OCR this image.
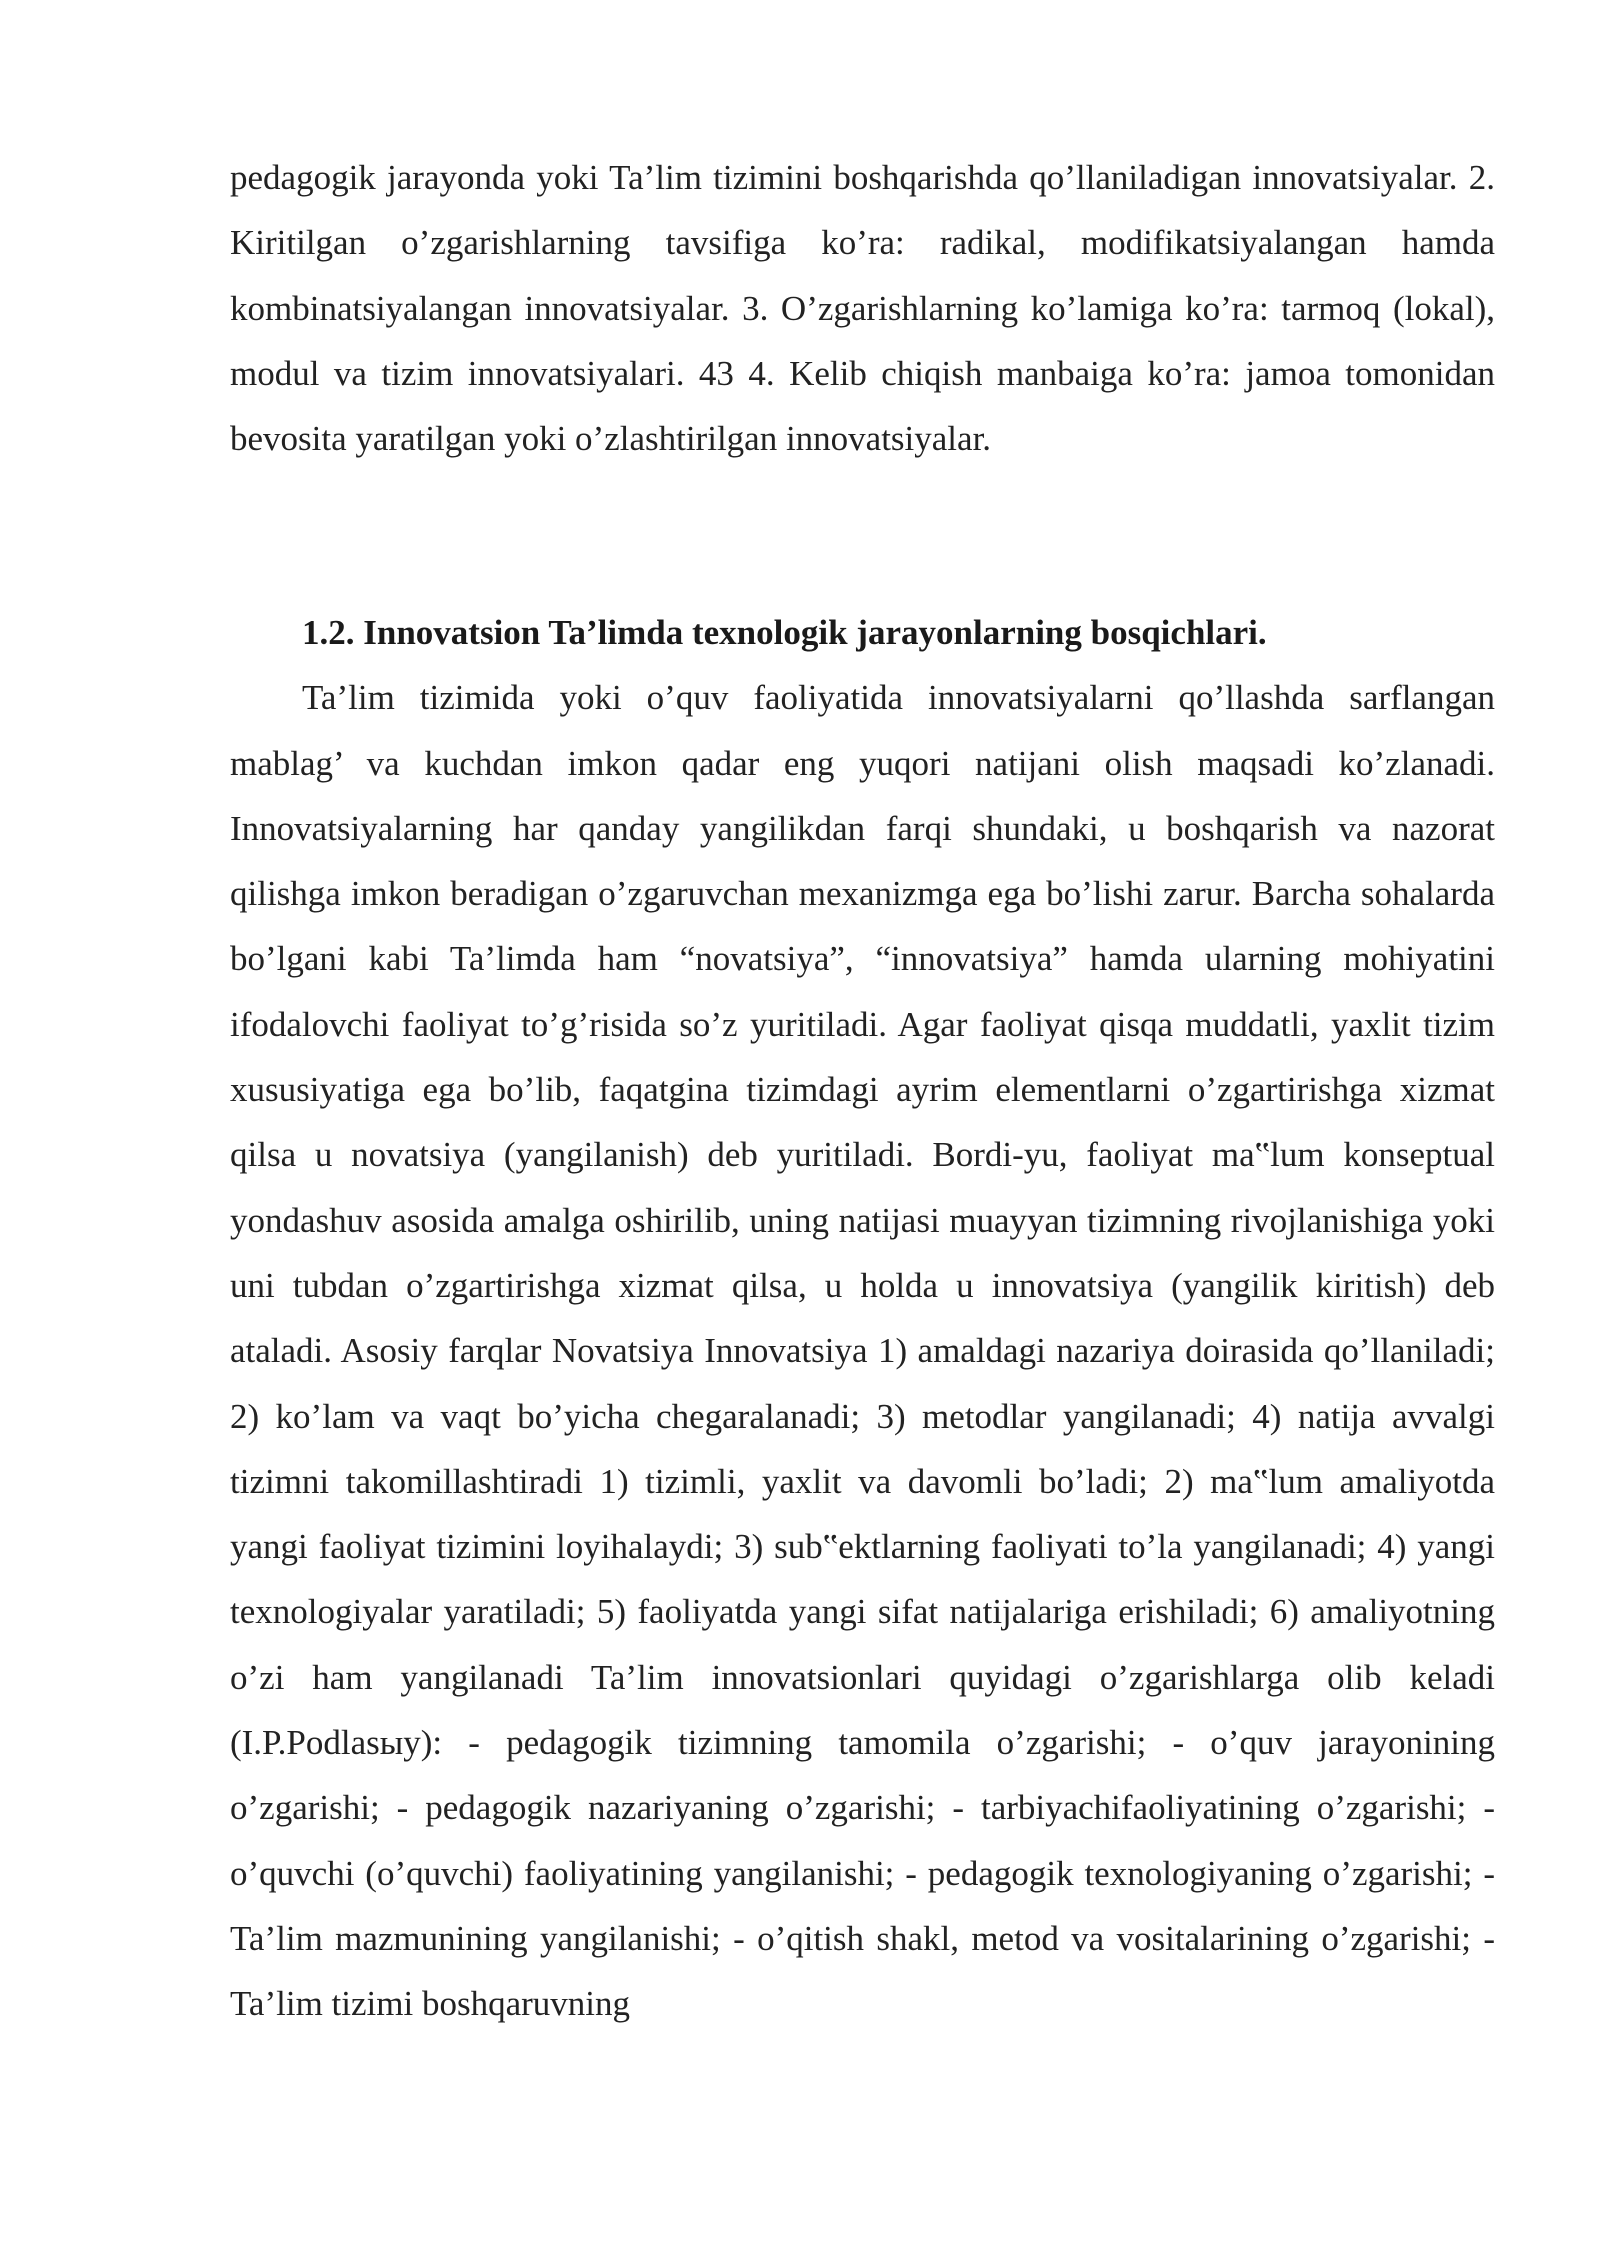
pedagogik jarayonda yoki Ta’lim tizimini boshqarishda qo’llaniladigan innovatsiyalar. 2. Kiritilgan o’zgarishlarning tavsifiga ko’ra: radikal, modifikatsiyalangan hamda kombinatsiyalangan innovatsiyalar. 3. O’zgarishlarning ko’lamiga ko’ra: tarmoq (lokal), modul va tizim innovatsiyalari. 43 4. Kelib chiqish manbaiga ko’ra: jamoa tomonidan bevosita yaratilgan yoki o’zlashtirilgan innovatsiyalar.

1.2. Innovatsion Ta’limda texnologik jarayonlarning bosqichlari.

Ta’lim tizimida yoki o’quv faoliyatida innovatsiyalarni qo’llashda sarflangan mablag’ va kuchdan imkon qadar eng yuqori natijani olish maqsadi ko’zlanadi. Innovatsiyalarning har qanday yangilikdan farqi shundaki, u boshqarish va nazorat qilishga imkon beradigan o’zgaruvchan mexanizmga ega bo’lishi zarur. Barcha sohalarda bo’lgani kabi Ta’limda ham “novatsiya”, “innovatsiya” hamda ularning mohiyatini ifodalovchi faoliyat to’g’risida so’z yuritiladi. Agar faoliyat qisqa muddatli, yaxlit tizim xususiyatiga ega bo’lib, faqatgina tizimdagi ayrim elementlarni o’zgartirishga xizmat qilsa u novatsiya (yangilanish) deb yuritiladi. Bordi-yu, faoliyat ma‟lum konseptual yondashuv asosida amalga oshirilib, uning natijasi muayyan tizimning rivojlanishiga yoki uni tubdan o’zgartirishga xizmat qilsa, u holda u innovatsiya (yangilik kiritish) deb ataladi. Asosiy farqlar Novatsiya Innovatsiya 1) amaldagi nazariya doirasida qo’llaniladi; 2) ko’lam va vaqt bo’yicha chegaralanadi; 3) metodlar yangilanadi; 4) natija avvalgi tizimni takomillashtiradi 1) tizimli, yaxlit va davomli bo’ladi; 2) ma‟lum amaliyotda yangi faoliyat tizimini loyihalaydi; 3) sub‟ektlarning faoliyati to’la yangilanadi; 4) yangi texnologiyalar yaratiladi; 5) faoliyatda yangi sifat natijalariga erishiladi; 6) amaliyotning o’zi ham yangilanadi Ta’lim innovatsionlari quyidagi o’zgarishlarga olib keladi (I.P.Podlasыy): - pedagogik tizimning tamomila o’zgarishi; - o’quv jarayonining o’zgarishi; - pedagogik nazariyaning o’zgarishi; - tarbiyachifaoliyatining o’zgarishi; - o’quvchi (o’quvchi) faoliyatining yangilanishi; - pedagogik texnologiyaning o’zgarishi; - Ta’lim mazmunining yangilanishi; - o’qitish shakl, metod va vositalarining o’zgarishi; - Ta’lim tizimi boshqaruvning
